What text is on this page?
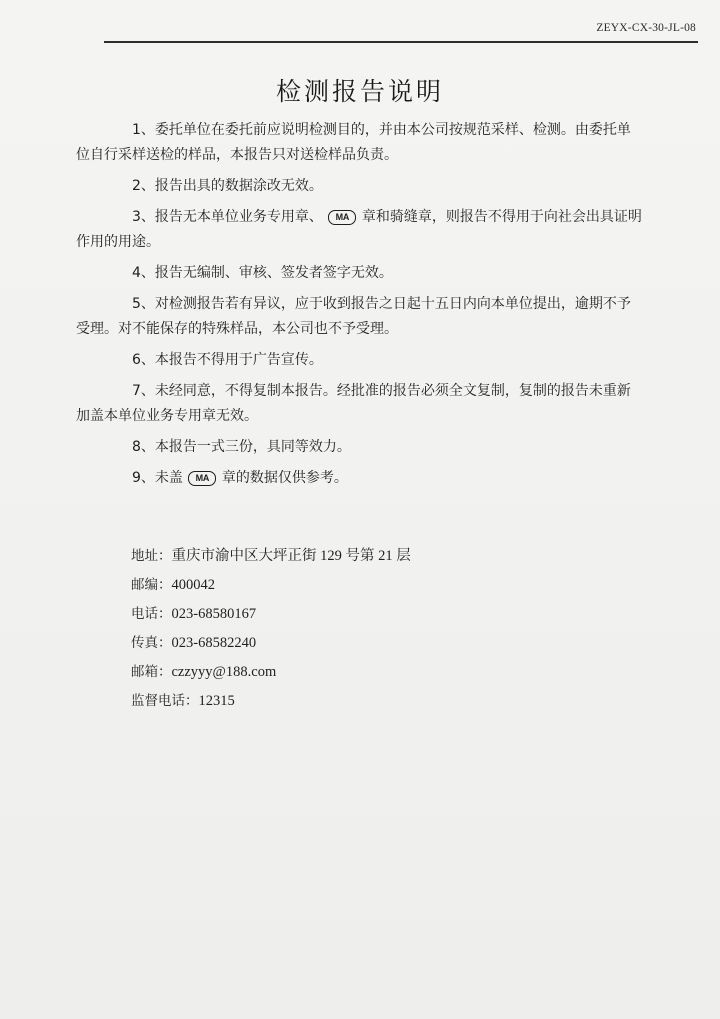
ZEYX-CX-30-JL-08
检测报告说明

1、委托单位在委托前应说明检测目的，并由本公司按规范采样、检测。由委托单
位自行采样送检的样品，本报告只对送检样品负责。

2、报告出具的数据涂改无效。

3、报告无本单位业务专用章、 MA 章和骑缝章，则报告不得用于向社会出具证明
作用的用途。

4、报告无编制、审核、签发者签字无效。

5、对检测报告若有异议，应于收到报告之日起十五日内向本单位提出，逾期不予
受理。对不能保存的特殊样品，本公司也不予受理。

6、本报告不得用于广告宣传。

7、未经同意，不得复制本报告。经批准的报告必须全文复制，复制的报告未重新
加盖本单位业务专用章无效。

8、本报告一式三份，具同等效力。

9、未盖 MA 章的数据仅供参考。

地址：重庆市渝中区大坪正街 129 号第 21 层
邮编：400042
电话：023-68580167
传真：023-68582240
邮箱：czzyyy@188.com
监督电话：12315
